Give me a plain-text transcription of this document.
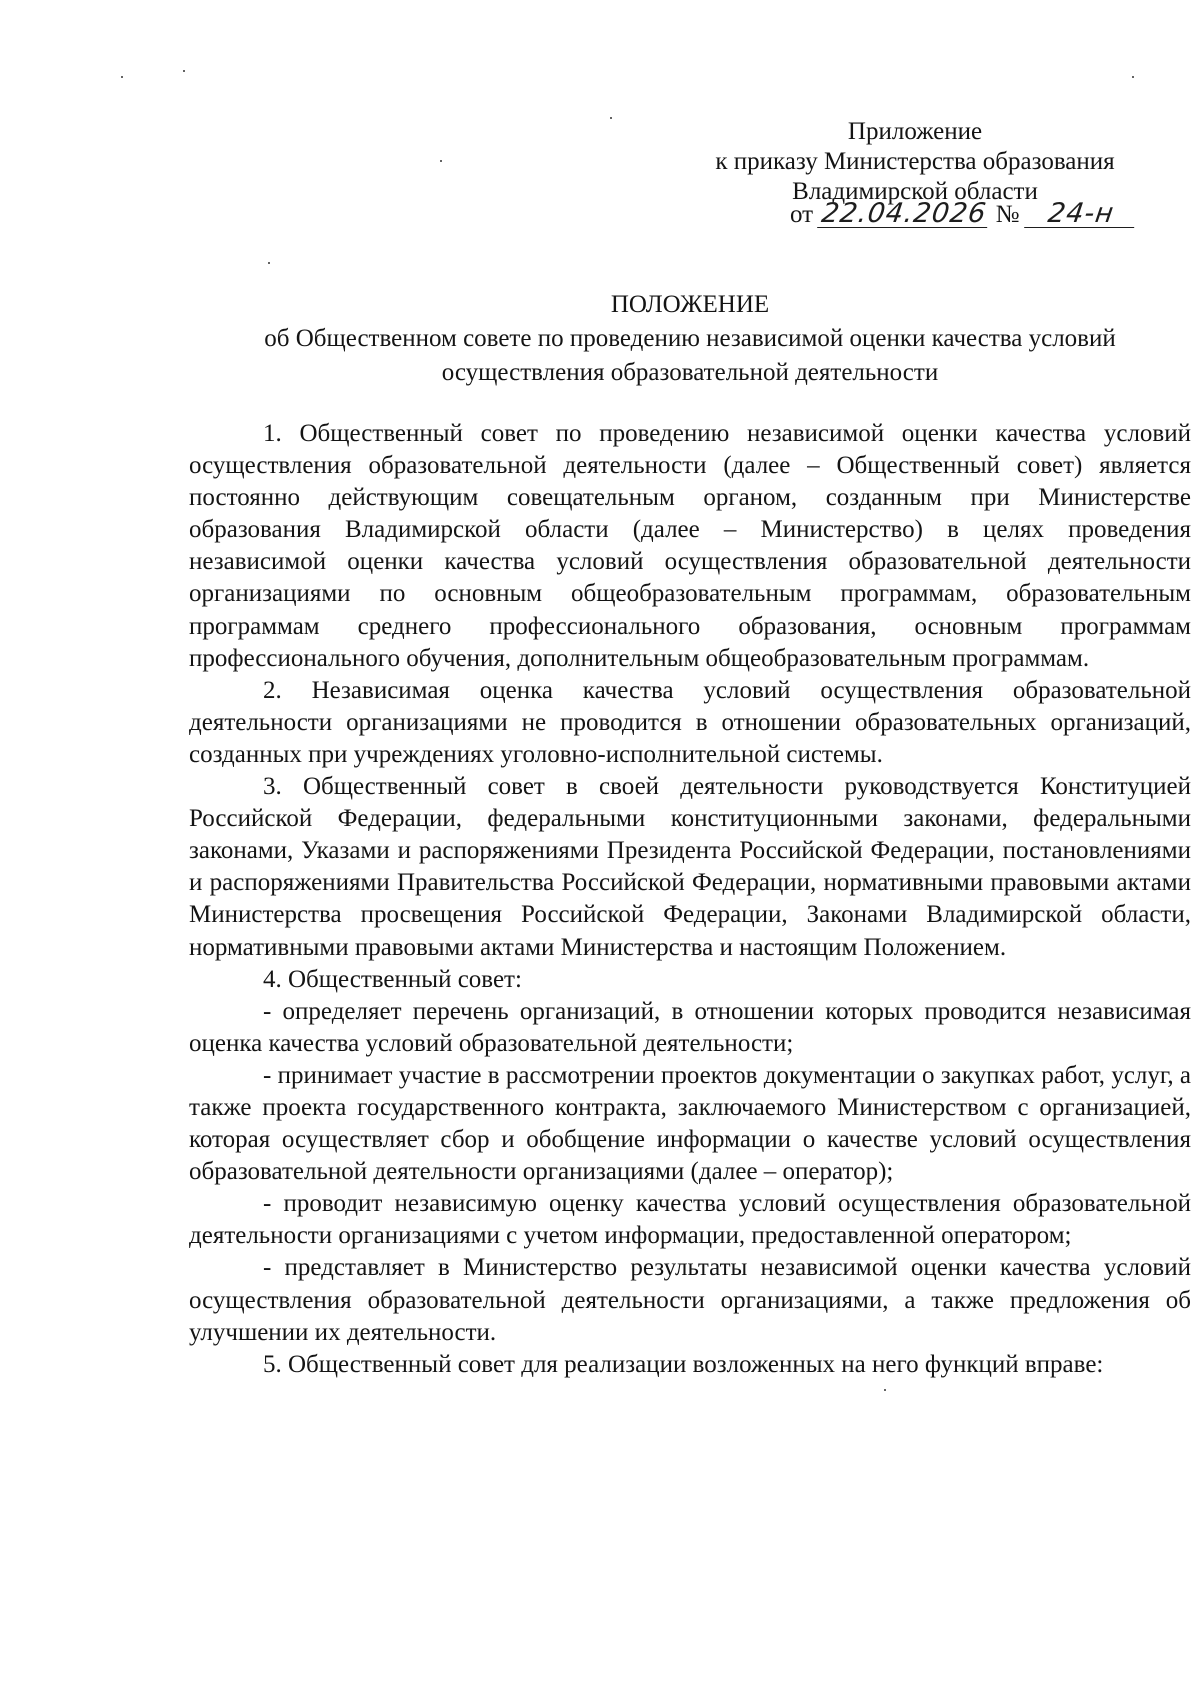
Приложение
к приказу Министерства образования
Владимирской области
от 22.04.2026 № 24-н
ПОЛОЖЕНИЕ
об Общественном совете по проведению независимой оценки качества условий
осуществления образовательной деятельности

1. Общественный совет по проведению независимой оценки качества условий осуществления образовательной деятельности (далее – Общественный совет) является постоянно действующим совещательным органом, созданным при Министерстве образования Владимирской области (далее – Министерство) в целях проведения независимой оценки качества условий осуществления образовательной деятельности организациями по основным общеобразовательным программам, образовательным программам среднего профессионального образования, основным программам профессионального обучения, дополнительным общеобразовательным программам.

2. Независимая оценка качества условий осуществления образовательной деятельности организациями не проводится в отношении образовательных организаций, созданных при учреждениях уголовно-исполнительной системы.

3. Общественный совет в своей деятельности руководствуется Конституцией Российской Федерации, федеральными конституционными законами, федеральными законами, Указами и распоряжениями Президента Российской Федерации, постановлениями и распоряжениями Правительства Российской Федерации, нормативными правовыми актами Министерства просвещения Российской Федерации, Законами Владимирской области, нормативными правовыми актами Министерства и настоящим Положением.

4. Общественный совет:

- определяет перечень организаций, в отношении которых проводится независимая оценка качества условий образовательной деятельности;

- принимает участие в рассмотрении проектов документации о закупках работ, услуг, а также проекта государственного контракта, заключаемого Министерством с организацией, которая осуществляет сбор и обобщение информации о качестве условий осуществления образовательной деятельности организациями (далее – оператор);

- проводит независимую оценку качества условий осуществления образовательной деятельности организациями с учетом информации, предоставленной оператором;

- представляет в Министерство результаты независимой оценки качества условий осуществления образовательной деятельности организациями, а также предложения об улучшении их деятельности.

5. Общественный совет для реализации возложенных на него функций вправе:
